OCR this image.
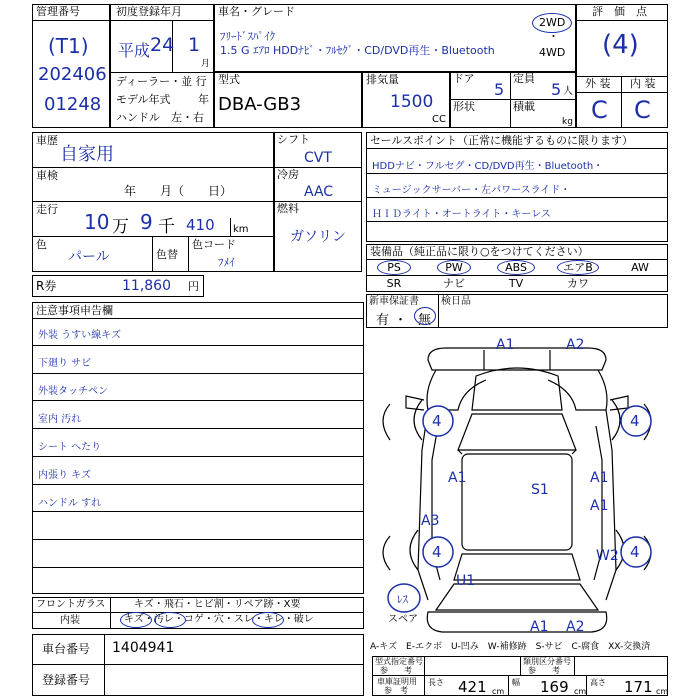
管理番号
(T1)
202406
01248
初度登録年月
平成 24 1
月
ディーラー・並 行
モデル年式	年
ハンドル　左・右
車名・グレード
ﾌﾘｰﾄﾞｽﾊﾟｲｸ
1.5 G ｴｱﾛ HDDﾅﾋﾞ・ﾌﾙｾｸﾞ・CD/DVD再生・Bluetooth
2WD
・
4WD
型式
DBA-GB3
排気量
1500
CC
ドア
5
定員
5 人
形状	積載
kg
評　価　点
(4)
外 装 内 装
C C
車歴
自家用
車検
年　　月（　　日）
走行
10 万 9 千 410 km
色
パール	色替
色コード
ﾌﾒｲ
シフト
CVT
冷房
AAC
燃料
ガソリン
セールスポイント（正常に機能するものに限ります）
HDDナビ・フルセグ・CD/DVD再生・Bluetooth・
ミュージックサーバー・左パワースライド・
ＨＩＤライト・オートライト・キーレス
装備品（純正品に限り○をつけてください）
PS	PW	ABS	エアB	AW
SR	ナビ	TV	カワ
新車保証書
有 ・ 無
検日品
R券	11,860 円
注意事項申告欄
外装 うすい線キズ
下廻り サビ
外装タッチペン
室内 汚れ
シート へたり
内張り キズ
ハンドル すれ
フロントガラス	キズ・飛石・ヒビ割・リペア跡・X要
内装	キズ・汚レ・コゲ・穴・スレ・キレ・破レ
車台番号 1404941
登録番号
A1	A2
4	4
A1
S1
A1
A1
A3
4	W2 4
U1
A1 A2
ﾚｽ
スペア
A-キズ　E-エクボ　U-凹み　W-補修跡　S-サビ　C-腐食　XX-交換済
型式指定番号
参　　考
類別区分番号
参　　考
車庫証明用
参　考
長さ 421 cm
幅 169 cm
高さ 171 cm
